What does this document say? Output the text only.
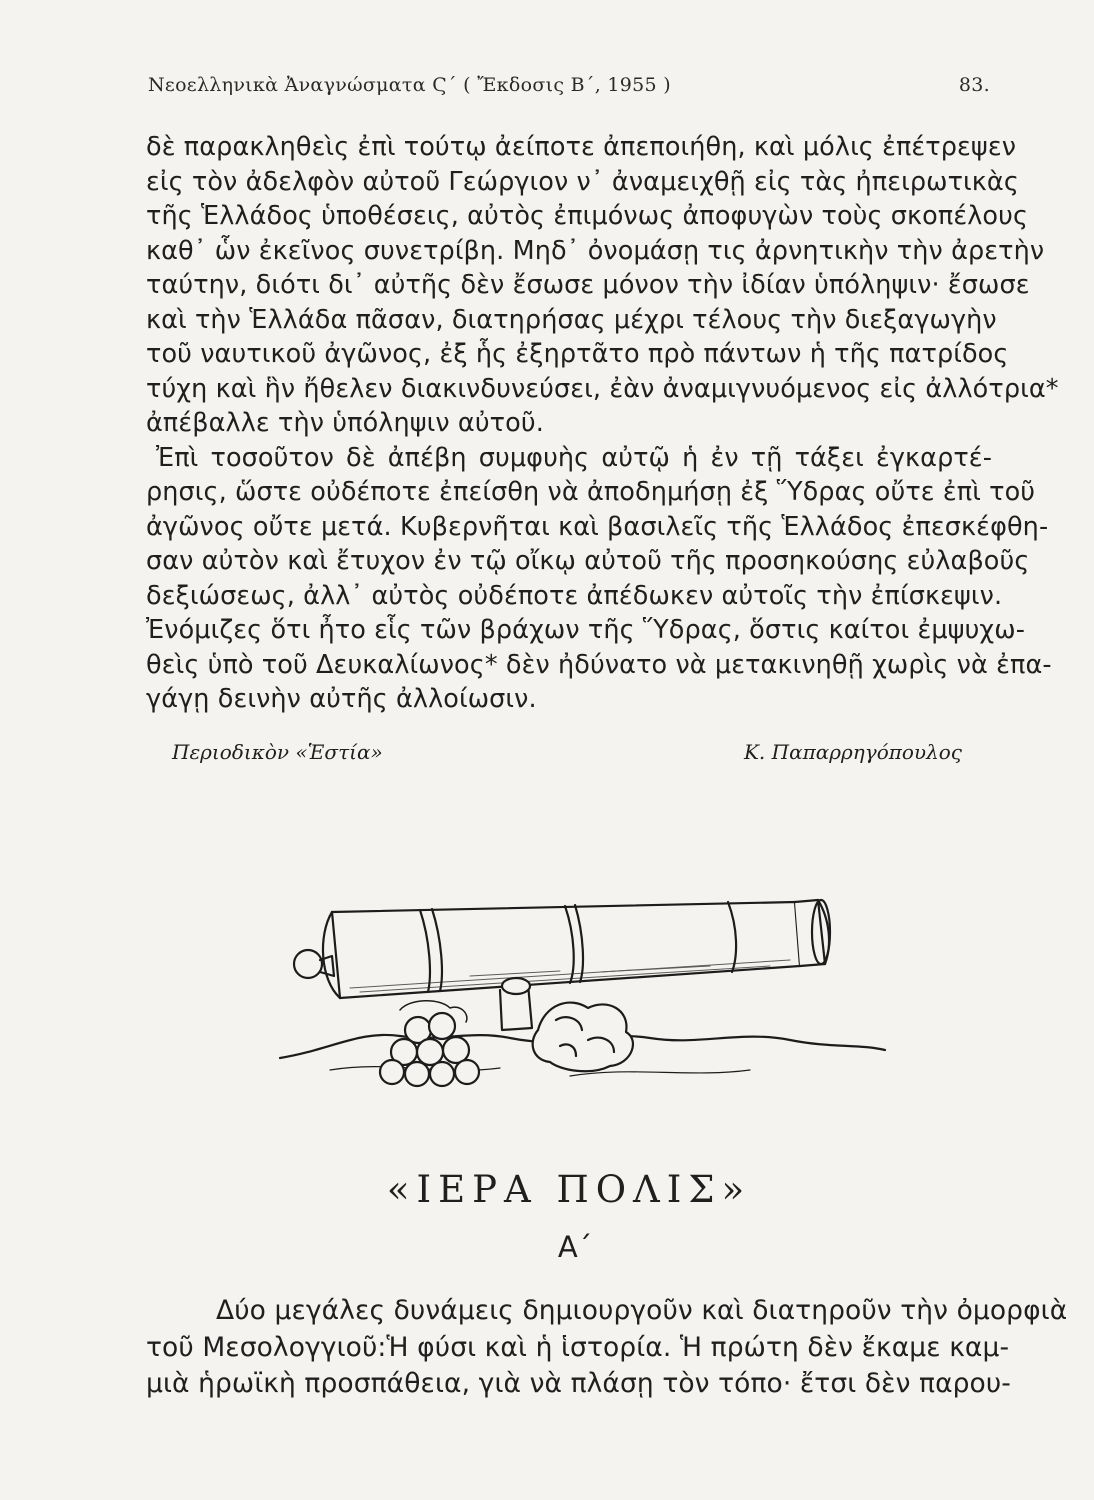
Νεοελληνικὰ Ἀναγνώσματα Ϛ΄ ( Ἔκδοσις Β΄, 1955 )	83.
δὲ παρακληθεὶς ἐπὶ τούτῳ ἀείποτε ἀπεποιήθη, καὶ μόλις ἐπέτρεψεν
εἰς τὸν ἀδελφὸν αὐτοῦ Γεώργιον ν᾽ ἀναμειχθῇ εἰς τὰς ἠπειρωτικὰς
τῆς Ἑλλάδος ὑποθέσεις, αὐτὸς ἐπιμόνως ἀποφυγὼν τοὺς σκοπέλους
καθ᾽ ὧν ἐκεῖνος συνετρίβη. Μηδ᾽ ὀνομάσῃ τις ἀρνητικὴν τὴν ἀρετὴν
ταύτην, διότι δι᾽ αὐτῆς δὲν ἔσωσε μόνον τὴν ἰδίαν ὑπόληψιν· ἔσωσε
καὶ τὴν Ἑλλάδα πᾶσαν, διατηρήσας μέχρι τέλους τὴν διεξαγωγὴν
τοῦ ναυτικοῦ ἀγῶνος, ἐξ ἧς ἐξηρτᾶτο πρὸ πάντων ἡ τῆς πατρίδος
τύχη καὶ ἣν ἤθελεν διακινδυνεύσει, ἐὰν ἀναμιγνυόμενος εἰς ἀλλότρια*
ἀπέβαλλε τὴν ὑπόληψιν αὐτοῦ.
Ἐπὶ τοσοῦτον δὲ ἀπέβη συμφυὴς αὐτῷ ἡ ἐν τῇ τάξει ἐγκαρτέ-
ρησις, ὥστε οὐδέποτε ἐπείσθη νὰ ἀποδημήσῃ ἐξ Ὕδρας οὔτε ἐπὶ τοῦ
ἀγῶνος οὔτε μετά. Κυβερνῆται καὶ βασιλεῖς τῆς Ἑλλάδος ἐπεσκέφθη-
σαν αὐτὸν καὶ ἔτυχον ἐν τῷ οἴκῳ αὐτοῦ τῆς προσηκούσης εὐλαβοῦς
δεξιώσεως, ἀλλ᾽ αὐτὸς οὐδέποτε ἀπέδωκεν αὐτοῖς τὴν ἐπίσκεψιν.
Ἐνόμιζες ὅτι ἦτο εἷς τῶν βράχων τῆς Ὕδρας, ὅστις καίτοι ἐμψυχω-
θεὶς ὑπὸ τοῦ Δευκαλίωνος* δὲν ἠδύνατο νὰ μετακινηθῇ χωρὶς νὰ ἐπα-
γάγῃ δεινὴν αὐτῆς ἀλλοίωσιν.
Περιοδικὸν «Ἑστία»	Κ. Παπαρρηγόπουλος
«ΙΕΡΑ ΠΟΛΙΣ»
Α΄
Δύο μεγάλες δυνάμεις δημιουργοῦν καὶ διατηροῦν τὴν ὀμορφιὰ
τοῦ Μεσολογγιοῦ:Ἡ φύσι καὶ ἡ ἱστορία. Ἡ πρώτη δὲν ἔκαμε καμ-
μιὰ ἡρωϊκὴ προσπάθεια, γιὰ νὰ πλάσῃ τὸν τόπο· ἔτσι δὲν παρου-
